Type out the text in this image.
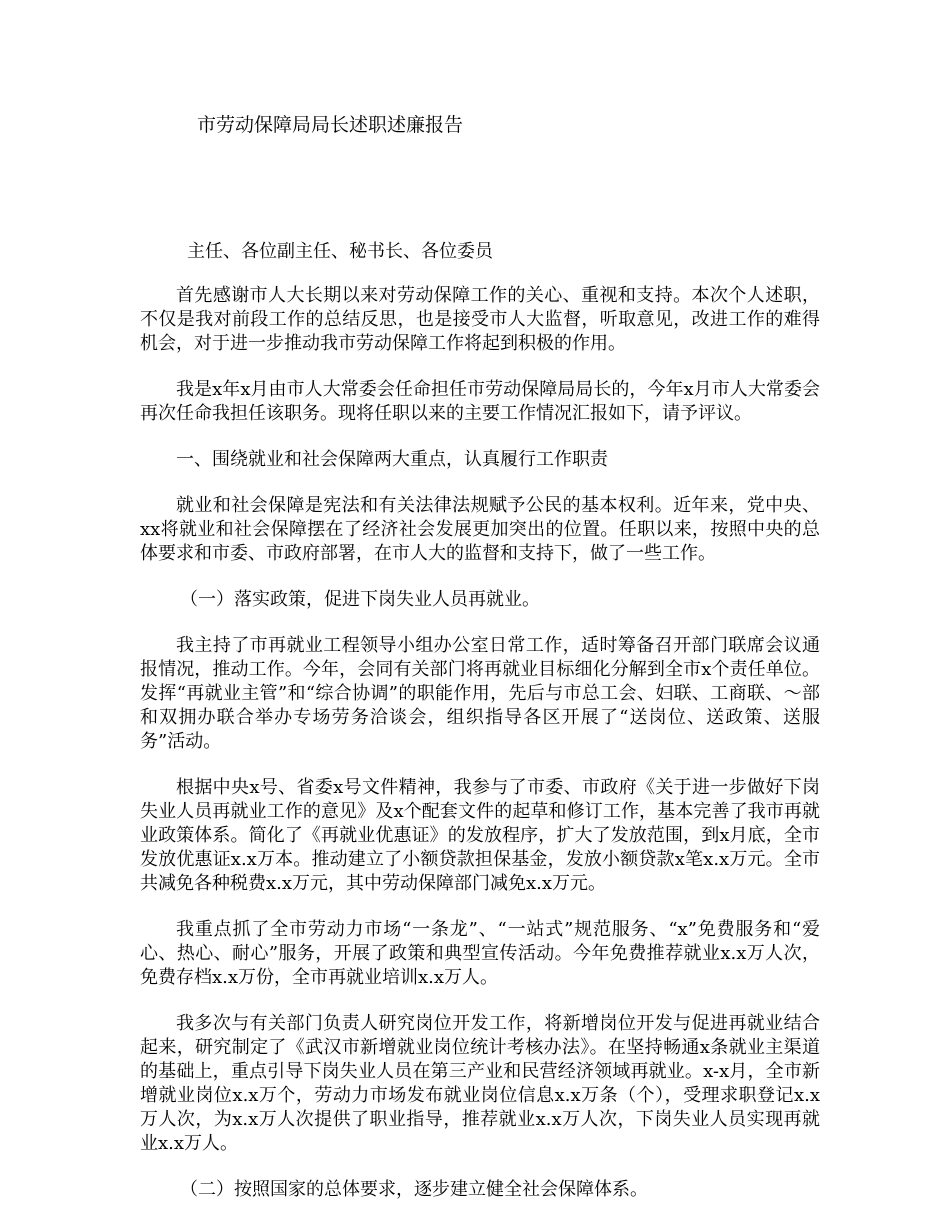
市劳动保障局局长述职述廉报告
主任、各位副主任、秘书长、各位委员

首先感谢市人大长期以来对劳动保障工作的关心、重视和支持。本次个人述职，不仅是我对前段工作的总结反思，也是接受市人大监督，听取意见，改进工作的难得机会，对于进一步推动我市劳动保障工作将起到积极的作用。

我是x年x月由市人大常委会任命担任市劳动保障局局长的，今年x月市人大常委会再次任命我担任该职务。现将任职以来的主要工作情况汇报如下，请予评议。

一、围绕就业和社会保障两大重点，认真履行工作职责

就业和社会保障是宪法和有关法律法规赋予公民的基本权利。近年来，党中央、xx将就业和社会保障摆在了经济社会发展更加突出的位置。任职以来，按照中央的总体要求和市委、市政府部署，在市人大的监督和支持下，做了一些工作。

（一）落实政策，促进下岗失业人员再就业。

我主持了市再就业工程领导小组办公室日常工作，适时筹备召开部门联席会议通报情况，推动工作。今年，会同有关部门将再就业目标细化分解到全市x个责任单位。发挥“再就业主管”和“综合协调”的职能作用，先后与市总工会、妇联、工商联、～部和双拥办联合举办专场劳务洽谈会，组织指导各区开展了“送岗位、送政策、送服务”活动。

根据中央x号、省委x号文件精神，我参与了市委、市政府《关于进一步做好下岗失业人员再就业工作的意见》及x个配套文件的起草和修订工作，基本完善了我市再就业政策体系。简化了《再就业优惠证》的发放程序，扩大了发放范围，到x月底，全市发放优惠证x.x万本。推动建立了小额贷款担保基金，发放小额贷款x笔x.x万元。全市共减免各种税费x.x万元，其中劳动保障部门减免x.x万元。

我重点抓了全市劳动力市场“一条龙”、“一站式”规范服务、“x”免费服务和“爱心、热心、耐心”服务，开展了政策和典型宣传活动。今年免费推荐就业x.x万人次，免费存档x.x万份，全市再就业培训x.x万人。

我多次与有关部门负责人研究岗位开发工作，将新增岗位开发与促进再就业结合起来，研究制定了《武汉市新增就业岗位统计考核办法》。在坚持畅通x条就业主渠道的基础上，重点引导下岗失业人员在第三产业和民营经济领域再就业。x-x月，全市新增就业岗位x.x万个，劳动力市场发布就业岗位信息x.x万条（个），受理求职登记x.x万人次，为x.x万人次提供了职业指导，推荐就业x.x万人次，下岗失业人员实现再就业x.x万人。

（二）按照国家的总体要求，逐步建立健全社会保障体系。
